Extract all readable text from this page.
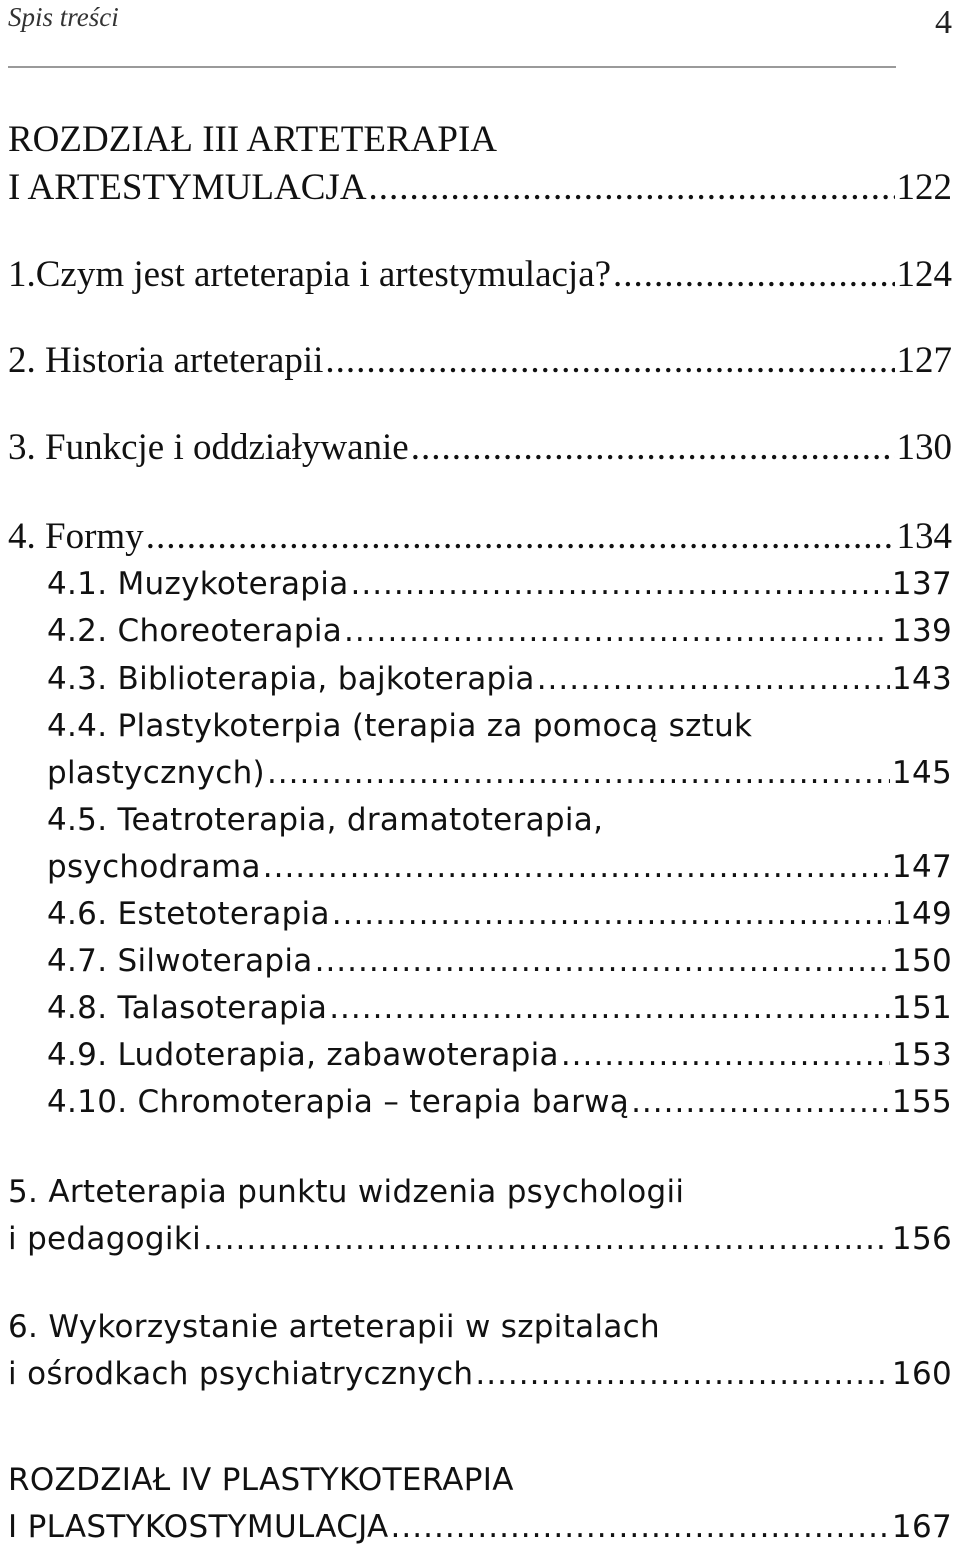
Spis treści	4
ROZDZIAŁ III ARTETERAPIA
I ARTESTYMULACJA .....	122
1.Czym jest arteterapia i artestymulacja? .....	124
2. Historia arteterapii .....	127
3. Funkcje i oddziaływanie .....	130
4. Formy .....	134
4.1. Muzykoterapia .....	137
4.2. Choreoterapia .....	139
4.3. Biblioterapia, bajkoterapia .....	143
4.4. Plastykoterpia (terapia za pomocą sztuk
plastycznych) .....	145
4.5. Teatroterapia, dramatoterapia,
psychodrama .....	147
4.6. Estetoterapia .....	149
4.7. Silwoterapia .....	150
4.8. Talasoterapia .....	151
4.9. Ludoterapia, zabawoterapia .....	153
4.10. Chromoterapia – terapia barwą .....	155
5. Arteterapia punktu widzenia psychologii
i pedagogiki .....	156
6. Wykorzystanie arteterapii w szpitalach
i ośrodkach psychiatrycznych .....	160
ROZDZIAŁ IV PLASTYKOTERAPIA
I PLASTYKOSTYMULACJA .....	167
